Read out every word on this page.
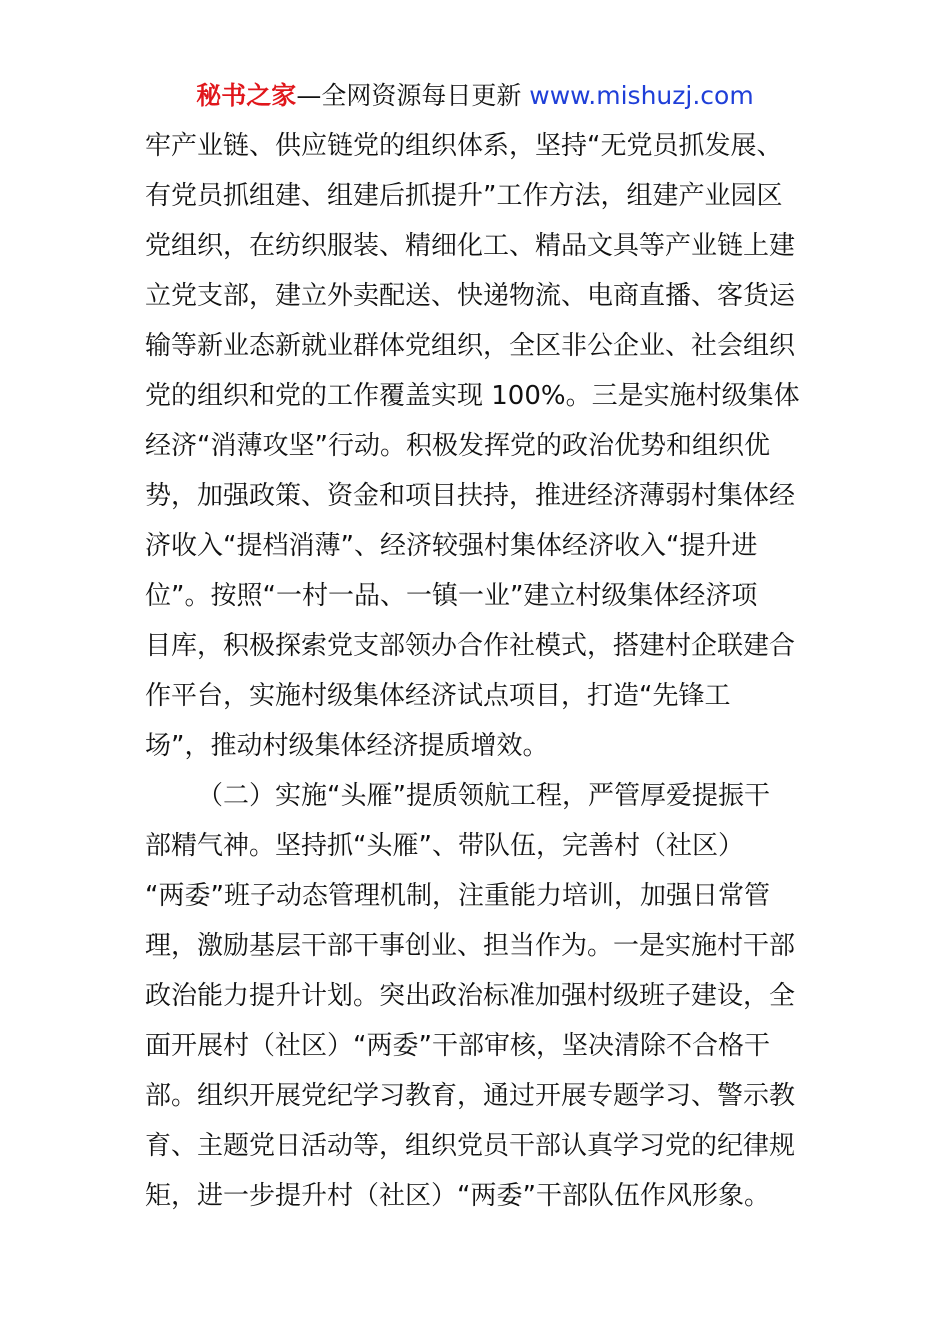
秘书之家—全网资源每日更新 www.mishuzj.com
牢产业链、供应链党的组织体系，坚持“无党员抓发展、
有党员抓组建、组建后抓提升”工作方法，组建产业园区
党组织，在纺织服装、精细化工、精品文具等产业链上建
立党支部，建立外卖配送、快递物流、电商直播、客货运
输等新业态新就业群体党组织，全区非公企业、社会组织
党的组织和党的工作覆盖实现 100%。三是实施村级集体
经济“消薄攻坚”行动。积极发挥党的政治优势和组织优
势，加强政策、资金和项目扶持，推进经济薄弱村集体经
济收入“提档消薄”、经济较强村集体经济收入“提升进
位”。按照“一村一品、一镇一业”建立村级集体经济项
目库，积极探索党支部领办合作社模式，搭建村企联建合
作平台，实施村级集体经济试点项目，打造“先锋工
场”，推动村级集体经济提质增效。
（二）实施“头雁”提质领航工程，严管厚爱提振干
部精气神。坚持抓“头雁”、带队伍，完善村（社区）
“两委”班子动态管理机制，注重能力培训，加强日常管
理，激励基层干部干事创业、担当作为。一是实施村干部
政治能力提升计划。突出政治标准加强村级班子建设，全
面开展村（社区）“两委”干部审核，坚决清除不合格干
部。组织开展党纪学习教育，通过开展专题学习、警示教
育、主题党日活动等，组织党员干部认真学习党的纪律规
矩，进一步提升村（社区）“两委”干部队伍作风形象。
